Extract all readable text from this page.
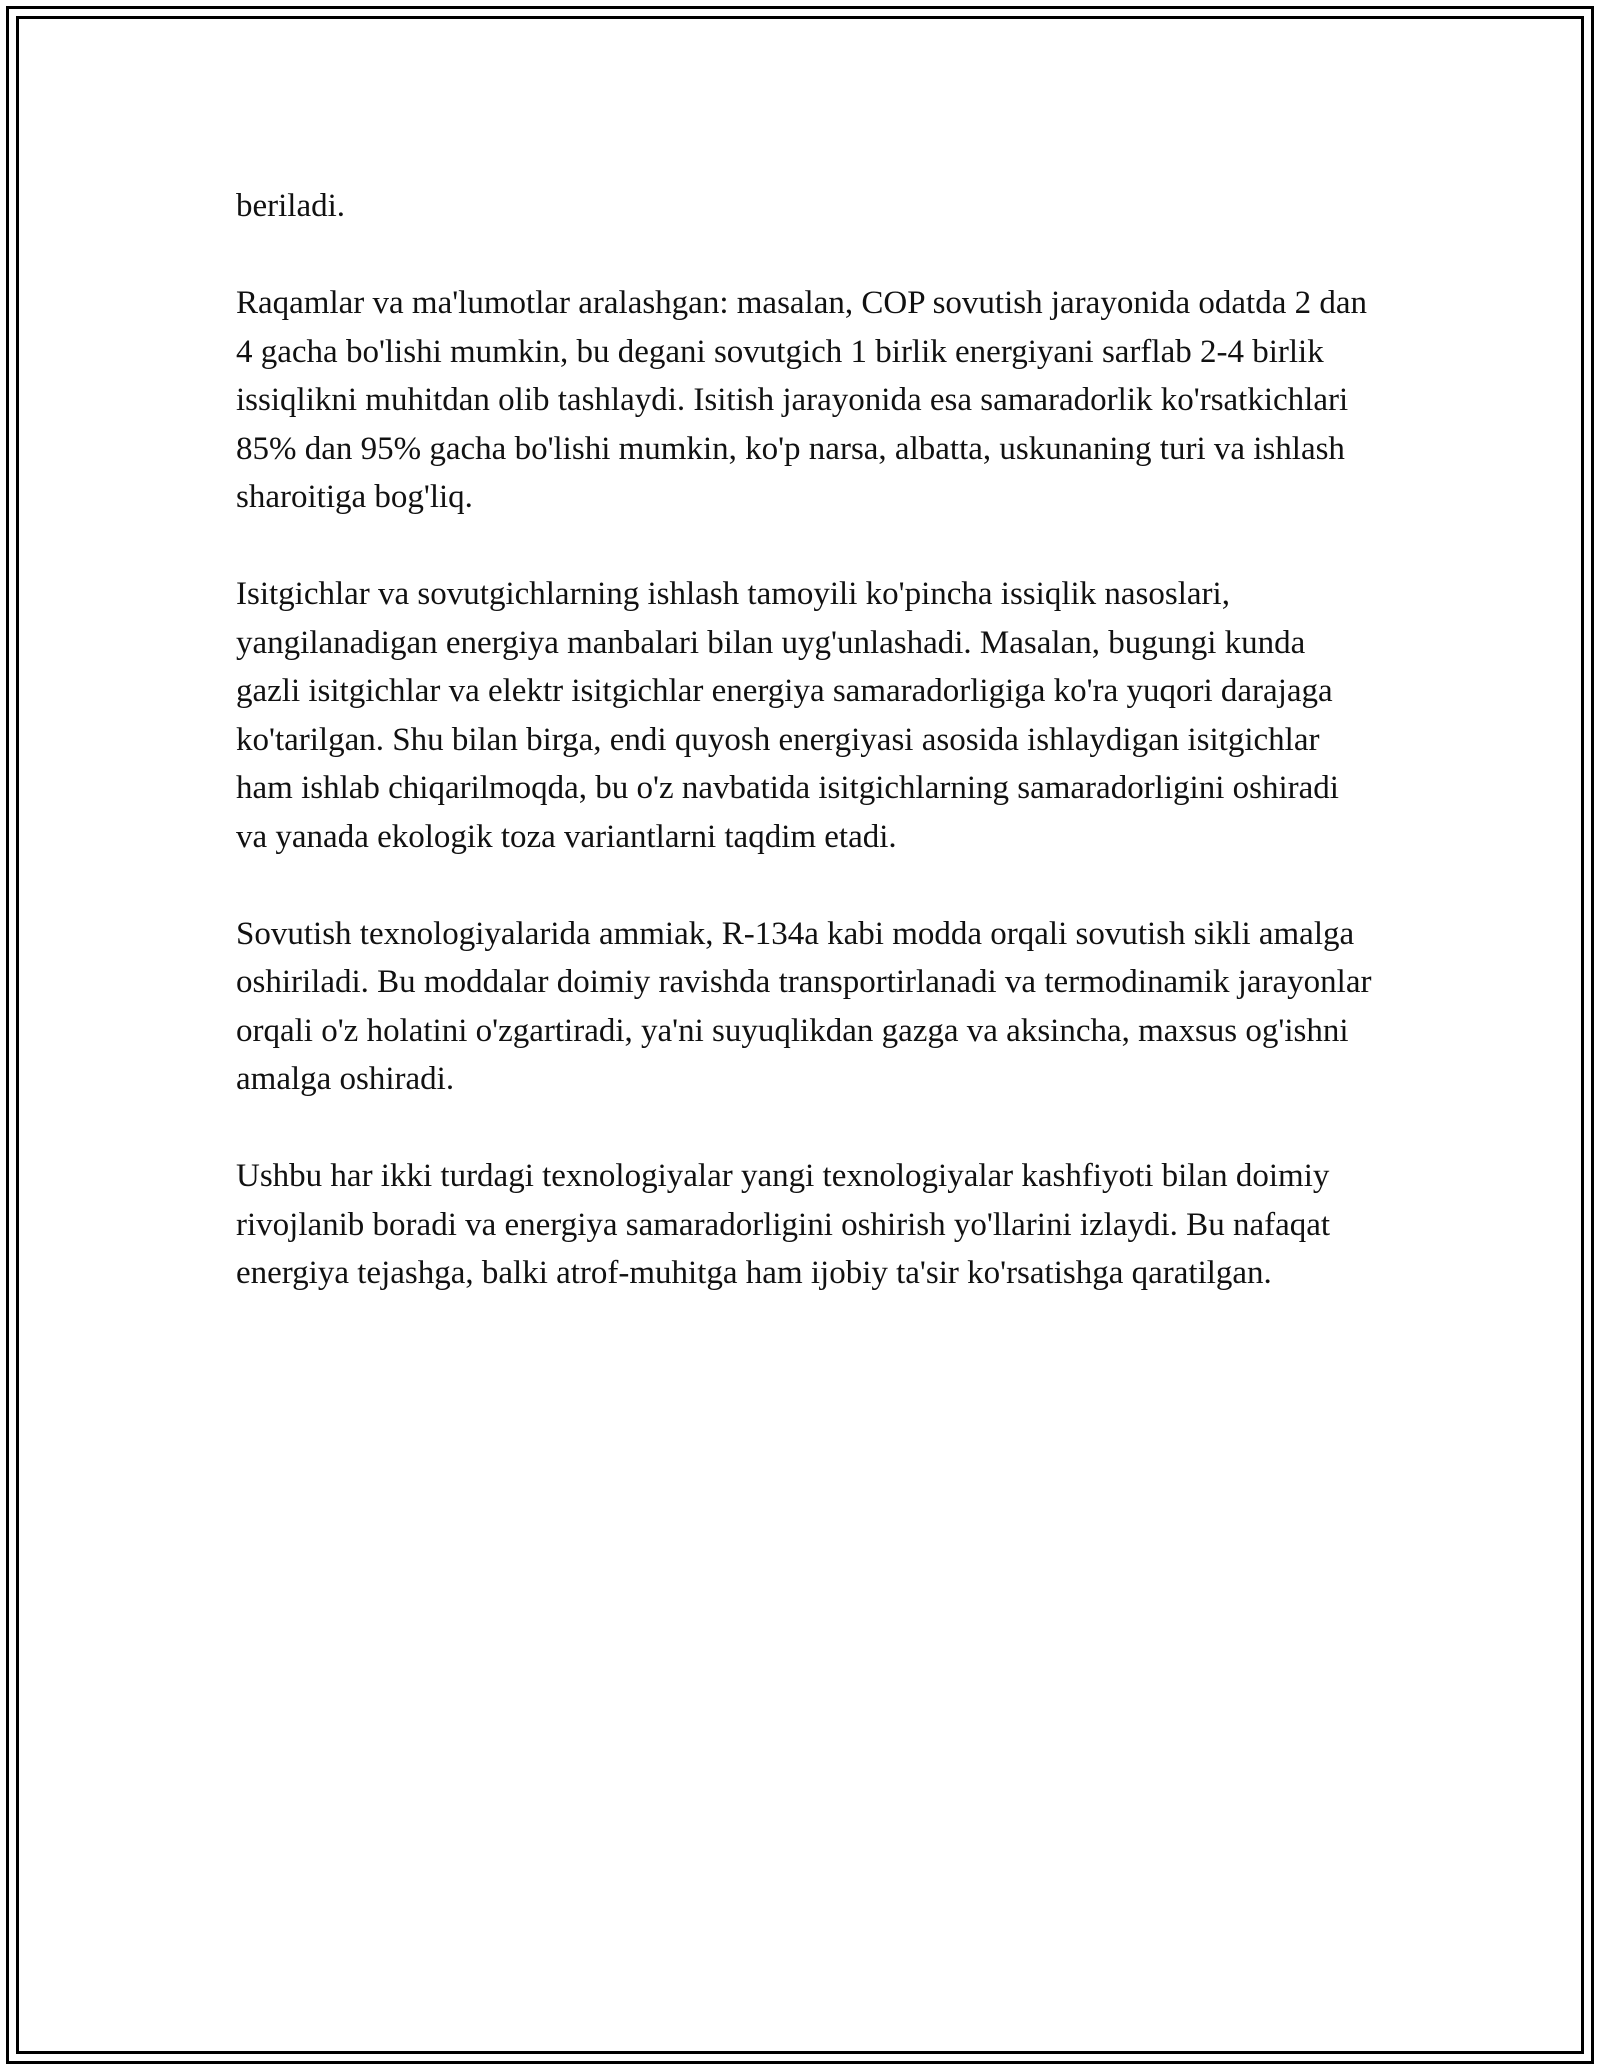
beriladi.

Raqamlar va ma'lumotlar aralashgan: masalan, COP sovutish jarayonida odatda 2 dan 4 gacha bo'lishi mumkin, bu degani sovutgich 1 birlik energiyani sarflab 2-4 birlik issiqlikni muhitdan olib tashlaydi. Isitish jarayonida esa samaradorlik ko'rsatkichlari 85% dan 95% gacha bo'lishi mumkin, ko'p narsa, albatta, uskunaning turi va ishlash sharoitiga bog'liq.

Isitgichlar va sovutgichlarning ishlash tamoyili ko'pincha issiqlik nasoslari, yangilanadigan energiya manbalari bilan uyg'unlashadi. Masalan, bugungi kunda gazli isitgichlar va elektr isitgichlar energiya samaradorligiga ko'ra yuqori darajaga ko'tarilgan. Shu bilan birga, endi quyosh energiyasi asosida ishlaydigan isitgichlar ham ishlab chiqarilmoqda, bu o'z navbatida isitgichlarning samaradorligini oshiradi va yanada ekologik toza variantlarni taqdim etadi.

Sovutish texnologiyalarida ammiak, R-134a kabi modda orqali sovutish sikli amalga oshiriladi. Bu moddalar doimiy ravishda transportirlanadi va termodinamik jarayonlar orqali o'z holatini o'zgartiradi, ya'ni suyuqlikdan gazga va aksincha, maxsus og'ishni amalga oshiradi.

Ushbu har ikki turdagi texnologiyalar yangi texnologiyalar kashfiyoti bilan doimiy rivojlanib boradi va energiya samaradorligini oshirish yo'llarini izlaydi. Bu nafaqat energiya tejashga, balki atrof-muhitga ham ijobiy ta'sir ko'rsatishga qaratilgan.
